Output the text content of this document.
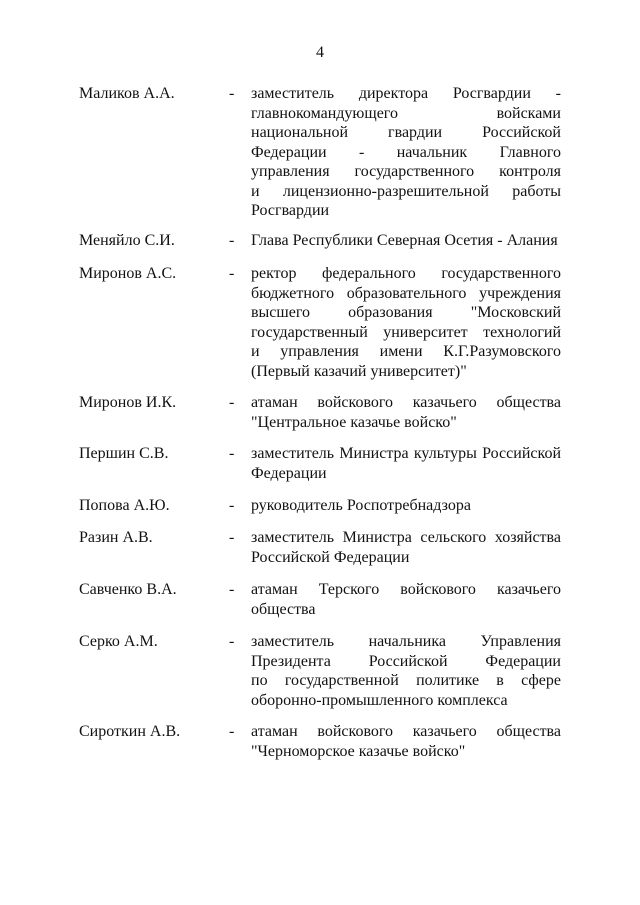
4
Маликов А.А.	-	заместитель директора Росгвардии -
главнокомандующего войсками
национальной гвардии Российской
Федерации - начальник Главного
управления государственного контроля
и лицензионно-разрешительной работы
Росгвардии
Меняйло С.И.	-	Глава Республики Северная Осетия - Алания
Миронов А.С.	-	ректор федерального государственного
бюджетного образовательного учреждения
высшего образования "Московский
государственный университет технологий
и управления имени К.Г.Разумовского
(Первый казачий университет)"
Миронов И.К.	-	атаман войскового казачьего общества
"Центральное казачье войско"
Першин С.В.	-	заместитель Министра культуры Российской
Федерации
Попова А.Ю.	-	руководитель Роспотребнадзора
Разин А.В.	-	заместитель Министра сельского хозяйства
Российской Федерации
Савченко В.А.	-	атаман Терского войскового казачьего
общества
Серко А.М.	-	заместитель начальника Управления
Президента Российской Федерации
по государственной политике в сфере
оборонно-промышленного комплекса
Сироткин А.В.	-	атаман войскового казачьего общества
"Черноморское казачье войско"
